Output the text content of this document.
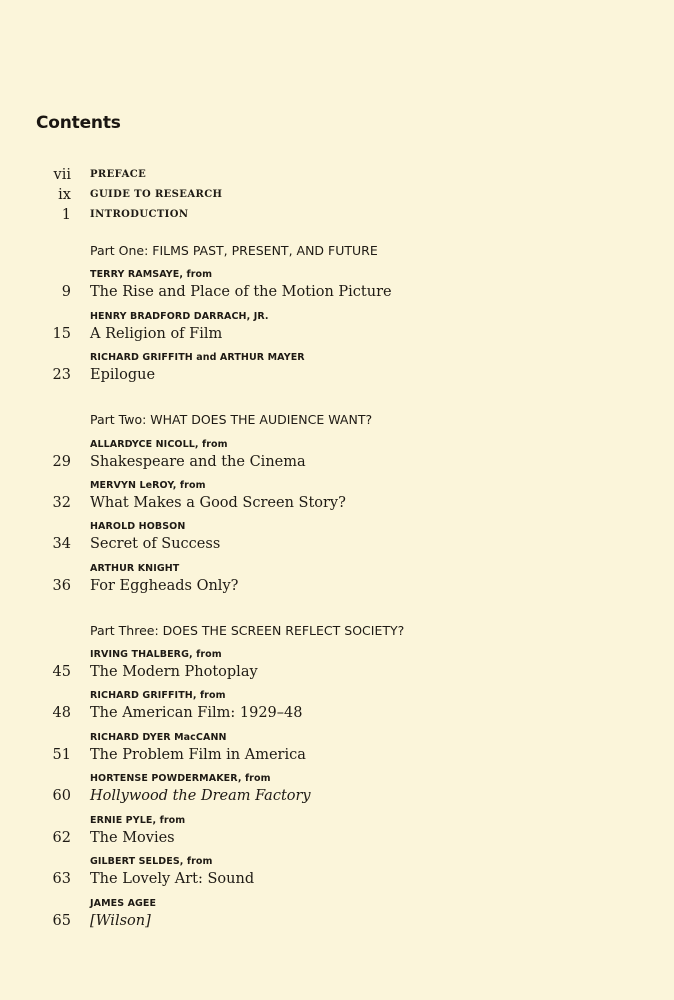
Contents
vii PREFACE
ix GUIDE TO RESEARCH
1 INTRODUCTION
Part One: FILMS PAST, PRESENT, AND FUTURE
TERRY RAMSAYE, from
9 The Rise and Place of the Motion Picture
HENRY BRADFORD DARRACH, JR.
15 A Religion of Film
RICHARD GRIFFITH and ARTHUR MAYER
23 Epilogue
Part Two: WHAT DOES THE AUDIENCE WANT?
ALLARDYCE NICOLL, from
29 Shakespeare and the Cinema
MERVYN LeROY, from
32 What Makes a Good Screen Story?
HAROLD HOBSON
34 Secret of Success
ARTHUR KNIGHT
36 For Eggheads Only?
Part Three: DOES THE SCREEN REFLECT SOCIETY?
IRVING THALBERG, from
45 The Modern Photoplay
RICHARD GRIFFITH, from
48 The American Film: 1929–48
RICHARD DYER MacCANN
51 The Problem Film in America
HORTENSE POWDERMAKER, from
60 Hollywood the Dream Factory
ERNIE PYLE, from
62 The Movies
GILBERT SELDES, from
63 The Lovely Art: Sound
JAMES AGEE
65 [Wilson]
